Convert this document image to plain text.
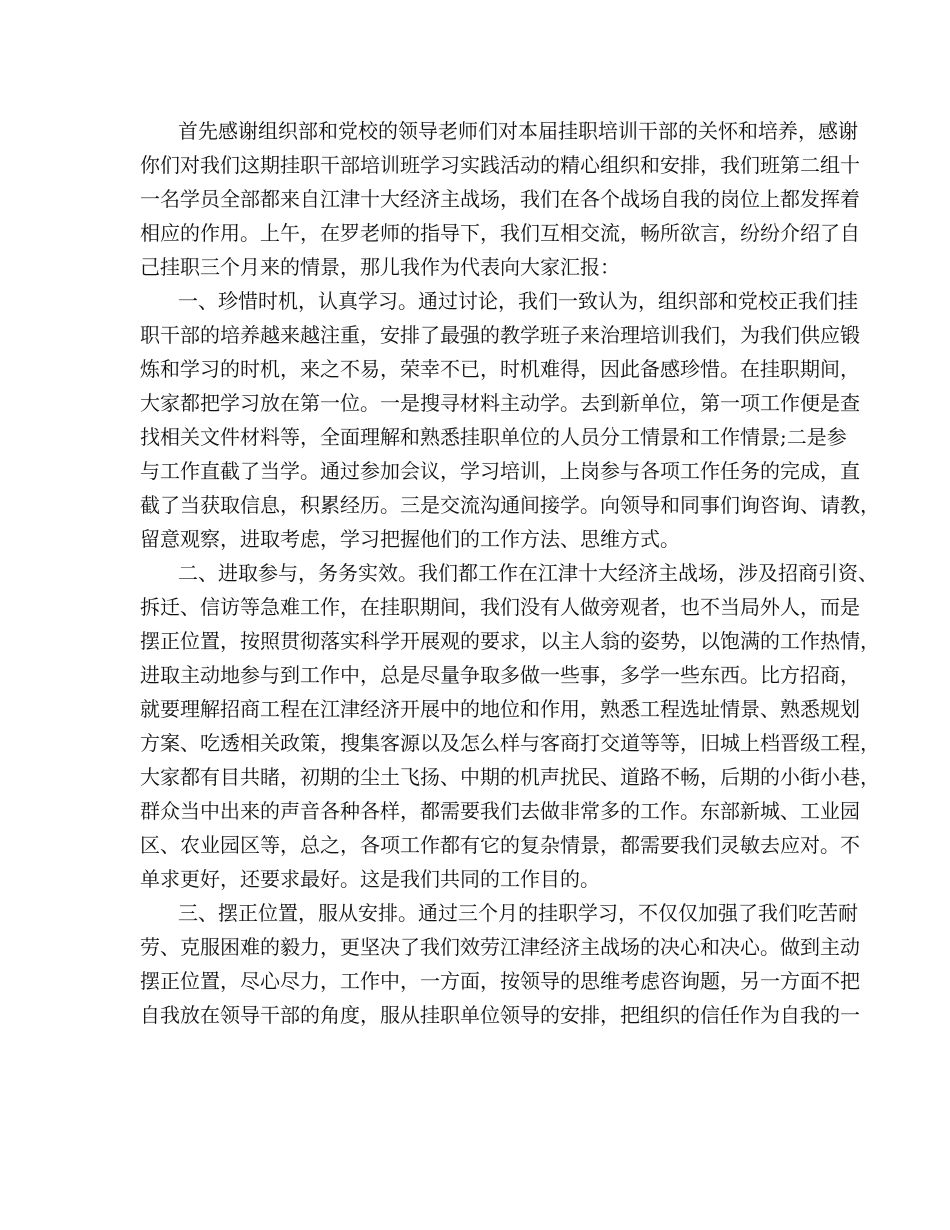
首先感谢组织部和党校的领导老师们对本届挂职培训干部的关怀和培养，感谢
你们对我们这期挂职干部培训班学习实践活动的精心组织和安排，我们班第二组十
一名学员全部都来自江津十大经济主战场，我们在各个战场自我的岗位上都发挥着
相应的作用。上午，在罗老师的指导下，我们互相交流，畅所欲言，纷纷介绍了自
己挂职三个月来的情景，那儿我作为代表向大家汇报：
一、珍惜时机，认真学习。通过讨论，我们一致认为，组织部和党校正我们挂
职干部的培养越来越注重，安排了最强的教学班子来治理培训我们，为我们供应锻
炼和学习的时机，来之不易，荣幸不已，时机难得，因此备感珍惜。在挂职期间，
大家都把学习放在第一位。一是搜寻材料主动学。去到新单位，第一项工作便是查
找相关文件材料等，全面理解和熟悉挂职单位的人员分工情景和工作情景;二是参
与工作直截了当学。通过参加会议，学习培训，上岗参与各项工作任务的完成，直
截了当获取信息，积累经历。三是交流沟通间接学。向领导和同事们询咨询、请教，
留意观察，进取考虑，学习把握他们的工作方法、思维方式。
二、进取参与，务务实效。我们都工作在江津十大经济主战场，涉及招商引资、
拆迁、信访等急难工作，在挂职期间，我们没有人做旁观者，也不当局外人，而是
摆正位置，按照贯彻落实科学开展观的要求，以主人翁的姿势，以饱满的工作热情，
进取主动地参与到工作中，总是尽量争取多做一些事，多学一些东西。比方招商，
就要理解招商工程在江津经济开展中的地位和作用，熟悉工程选址情景、熟悉规划
方案、吃透相关政策，搜集客源以及怎么样与客商打交道等等，旧城上档晋级工程，
大家都有目共睹，初期的尘土飞扬、中期的机声扰民、道路不畅，后期的小街小巷，
群众当中出来的声音各种各样，都需要我们去做非常多的工作。东部新城、工业园
区、农业园区等，总之，各项工作都有它的复杂情景，都需要我们灵敏去应对。不
单求更好，还要求最好。这是我们共同的工作目的。
三、摆正位置，服从安排。通过三个月的挂职学习，不仅仅加强了我们吃苦耐
劳、克服困难的毅力，更坚决了我们效劳江津经济主战场的决心和决心。做到主动
摆正位置，尽心尽力，工作中，一方面，按领导的思维考虑咨询题，另一方面不把
自我放在领导干部的角度，服从挂职单位领导的安排，把组织的信任作为自我的一
